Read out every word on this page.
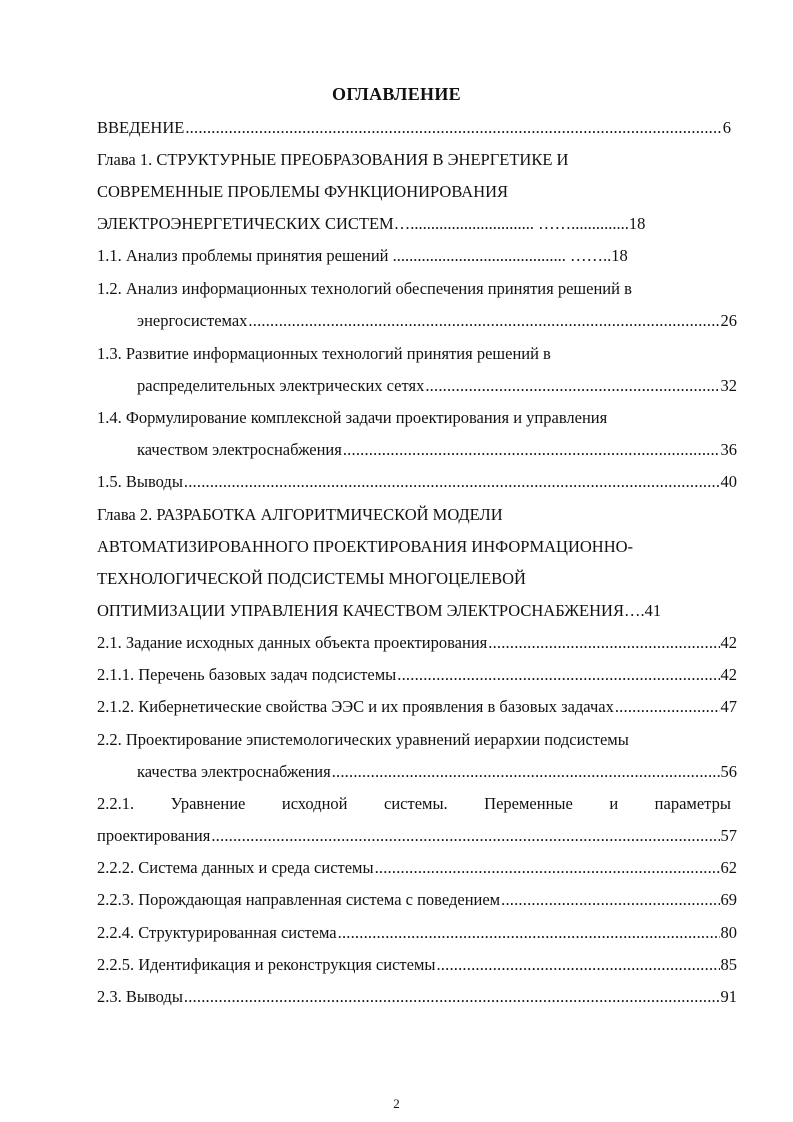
ОГЛАВЛЕНИЕ
ВВЕДЕНИЕ .....	6
Глава 1. СТРУКТУРНЫЕ ПРЕОБРАЗОВАНИЯ В ЭНЕРГЕТИКЕ И
СОВРЕМЕННЫЕ ПРОБЛЕМЫ ФУНКЦИОНИРОВАНИЯ
ЭЛЕКТРОЭНЕРГЕТИЧЕСКИХ СИСТЕМ….............................. ……..............18
1.1. Анализ проблемы принятия решений .......................................... ……..18
1.2. Анализ информационных технологий обеспечения принятия решений в
энергосистемах .....	26
1.3. Развитие информационных технологий принятия решений в
распределительных электрических сетях .....	32
1.4. Формулирование комплексной задачи проектирования и управления
качеством электроснабжения .....	36
1.5. Выводы .....	40
Глава 2. РАЗРАБОТКА АЛГОРИТМИЧЕСКОЙ МОДЕЛИ
АВТОМАТИЗИРОВАННОГО ПРОЕКТИРОВАНИЯ ИНФОРМАЦИОННО-
ТЕХНОЛОГИЧЕСКОЙ ПОДСИСТЕМЫ МНОГОЦЕЛЕВОЙ
ОПТИМИЗАЦИИ УПРАВЛЕНИЯ КАЧЕСТВОМ ЭЛЕКТРОСНАБЖЕНИЯ….41
2.1. Задание исходных данных объекта проектирования .....	42
2.1.1. Перечень базовых задач подсистемы .....	42
2.1.2. Кибернетические свойства ЭЭС и их проявления в базовых задачах .....	47
2.2. Проектирование эпистемологических уравнений иерархии подсистемы
качества электроснабжения .....	56
2.2.1. Уравнение исходной системы. Переменные и параметры
проектирования .....	57
2.2.2. Система данных и среда системы .....	62
2.2.3. Порождающая направленная система с поведением .....	69
2.2.4. Структурированная система .....	80
2.2.5. Идентификация и реконструкция системы .....	85
2.3. Выводы .....	91
2
